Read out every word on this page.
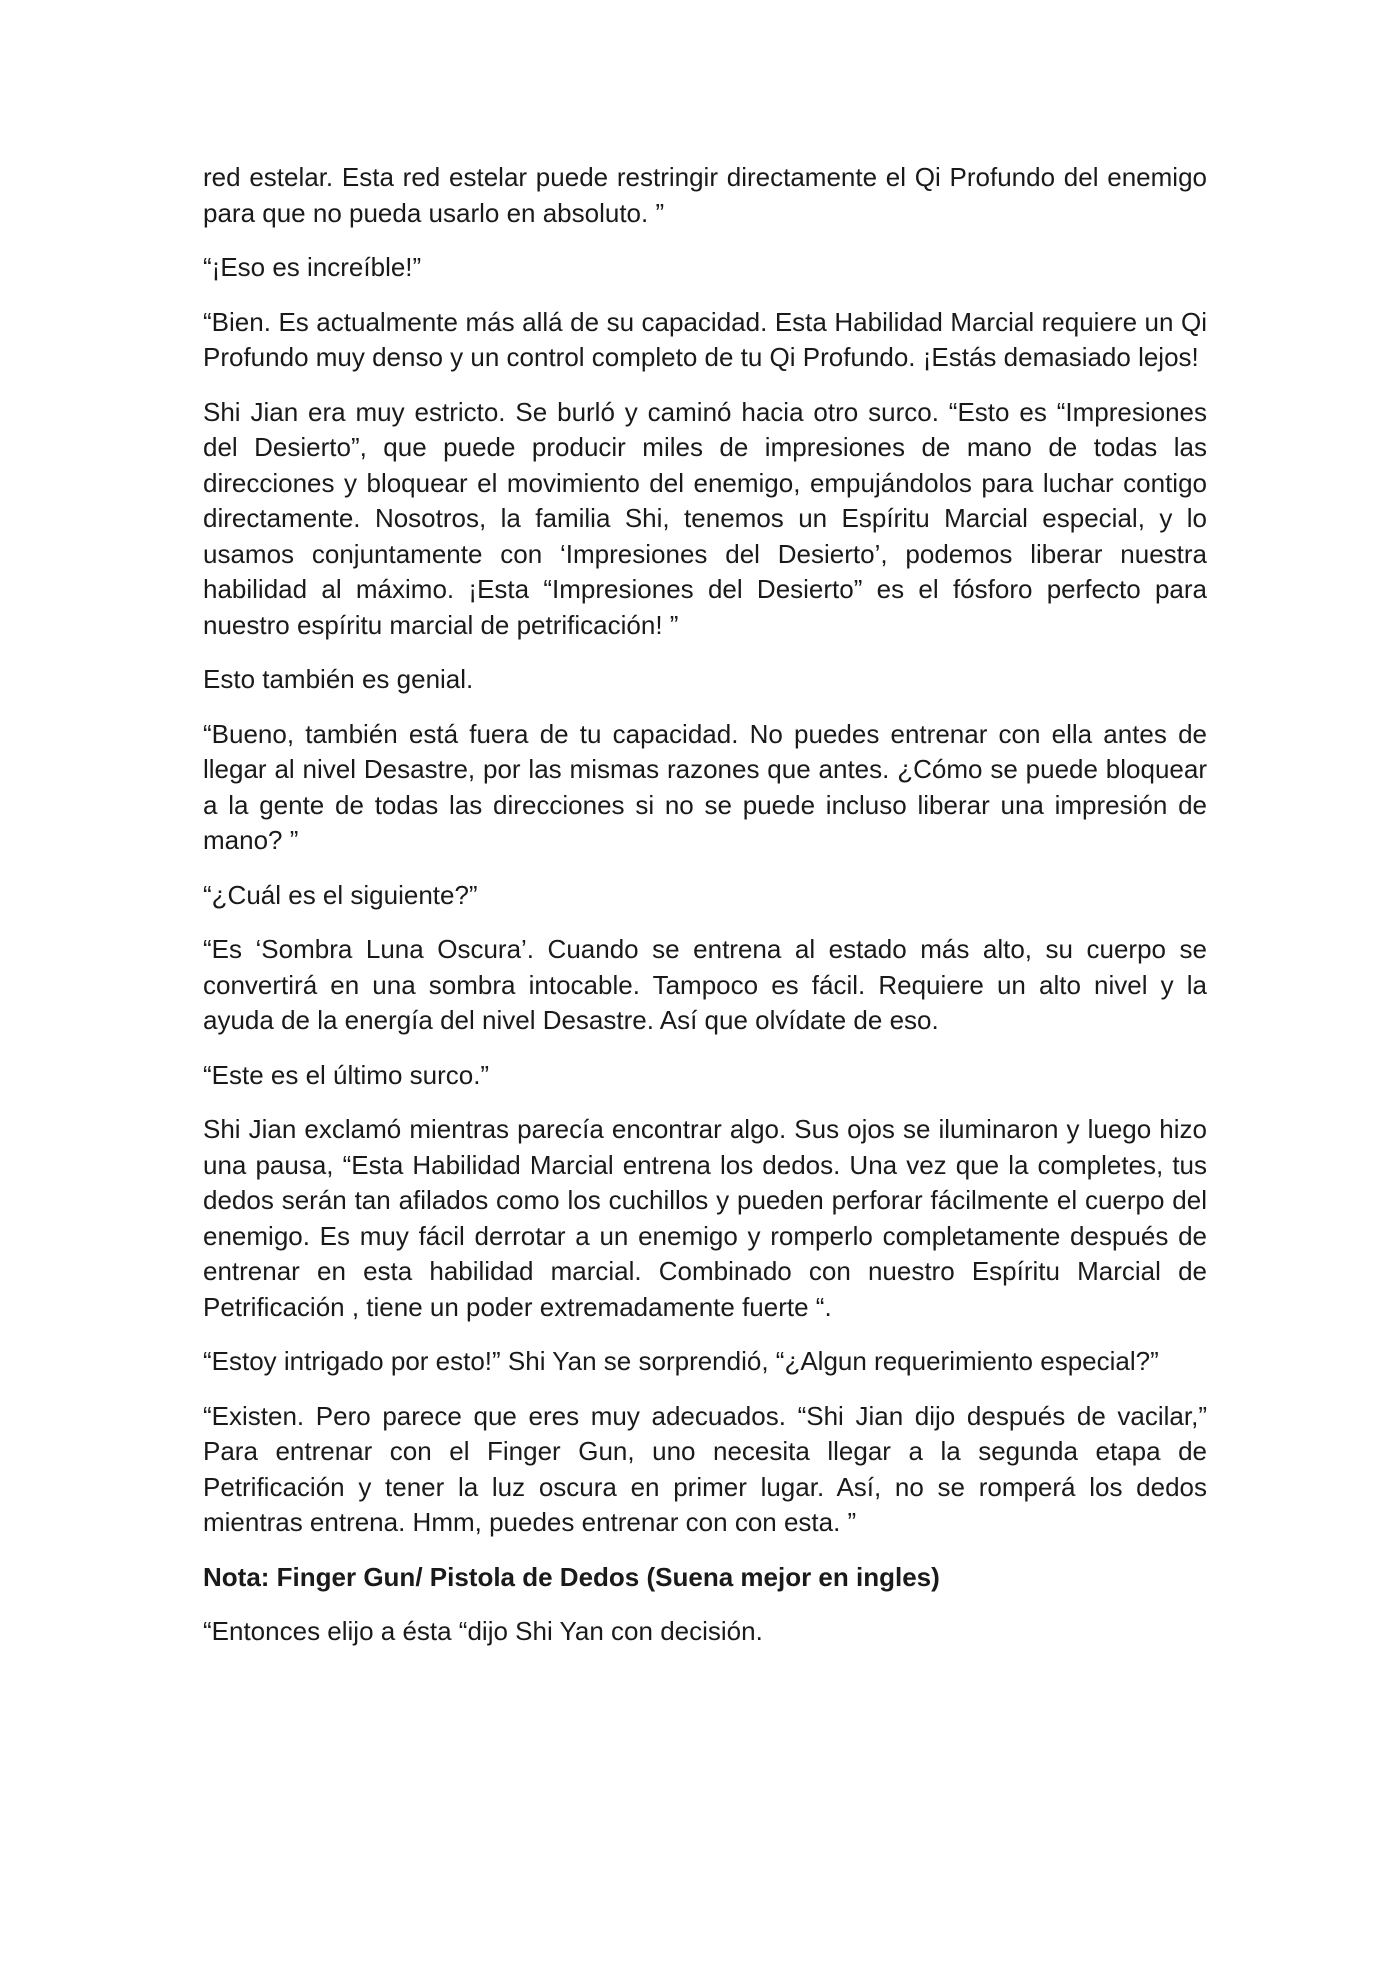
red estelar. Esta red estelar puede restringir directamente el Qi Profundo del enemigo para que no pueda usarlo en absoluto. ”

“¡Eso es increíble!”

“Bien. Es actualmente más allá de su capacidad. Esta Habilidad Marcial requiere un Qi Profundo muy denso y un control completo de tu Qi Profundo. ¡Estás demasiado lejos!

Shi Jian era muy estricto. Se burló y caminó hacia otro surco. “Esto es “Impresiones del Desierto”, que puede producir miles de impresiones de mano de todas las direcciones y bloquear el movimiento del enemigo, empujándolos para luchar contigo directamente. Nosotros, la familia Shi, tenemos un Espíritu Marcial especial, y lo usamos conjuntamente con ‘Impresiones del Desierto’, podemos liberar nuestra habilidad al máximo. ¡Esta “Impresiones del Desierto” es el fósforo perfecto para nuestro espíritu marcial de petrificación! ”

Esto también es genial.

“Bueno, también está fuera de tu capacidad. No puedes entrenar con ella antes de llegar al nivel Desastre, por las mismas razones que antes. ¿Cómo se puede bloquear a la gente de todas las direcciones si no se puede incluso liberar una impresión de mano? ”

“¿Cuál es el siguiente?”

“Es ‘Sombra Luna Oscura’. Cuando se entrena al estado más alto, su cuerpo se convertirá en una sombra intocable. Tampoco es fácil. Requiere un alto nivel y la ayuda de la energía del nivel Desastre. Así que olvídate de eso.

“Este es el último surco.”

Shi Jian exclamó mientras parecía encontrar algo. Sus ojos se iluminaron y luego hizo una pausa, “Esta Habilidad Marcial entrena los dedos. Una vez que la completes, tus dedos serán tan afilados como los cuchillos y pueden perforar fácilmente el cuerpo del enemigo. Es muy fácil derrotar a un enemigo y romperlo completamente después de entrenar en esta habilidad marcial. Combinado con nuestro Espíritu Marcial de Petrificación , tiene un poder extremadamente fuerte “.

“Estoy intrigado por esto!” Shi Yan se sorprendió, “¿Algun requerimiento especial?”

“Existen. Pero parece que eres muy adecuados. “Shi Jian dijo después de vacilar,” Para entrenar con el Finger Gun, uno necesita llegar a la segunda etapa de Petrificación y tener la luz oscura en primer lugar. Así, no se romperá los dedos mientras entrena. Hmm, puedes entrenar con con esta. ”

Nota: Finger Gun/ Pistola de Dedos (Suena mejor en ingles)

“Entonces elijo a ésta “dijo Shi Yan con decisión.
